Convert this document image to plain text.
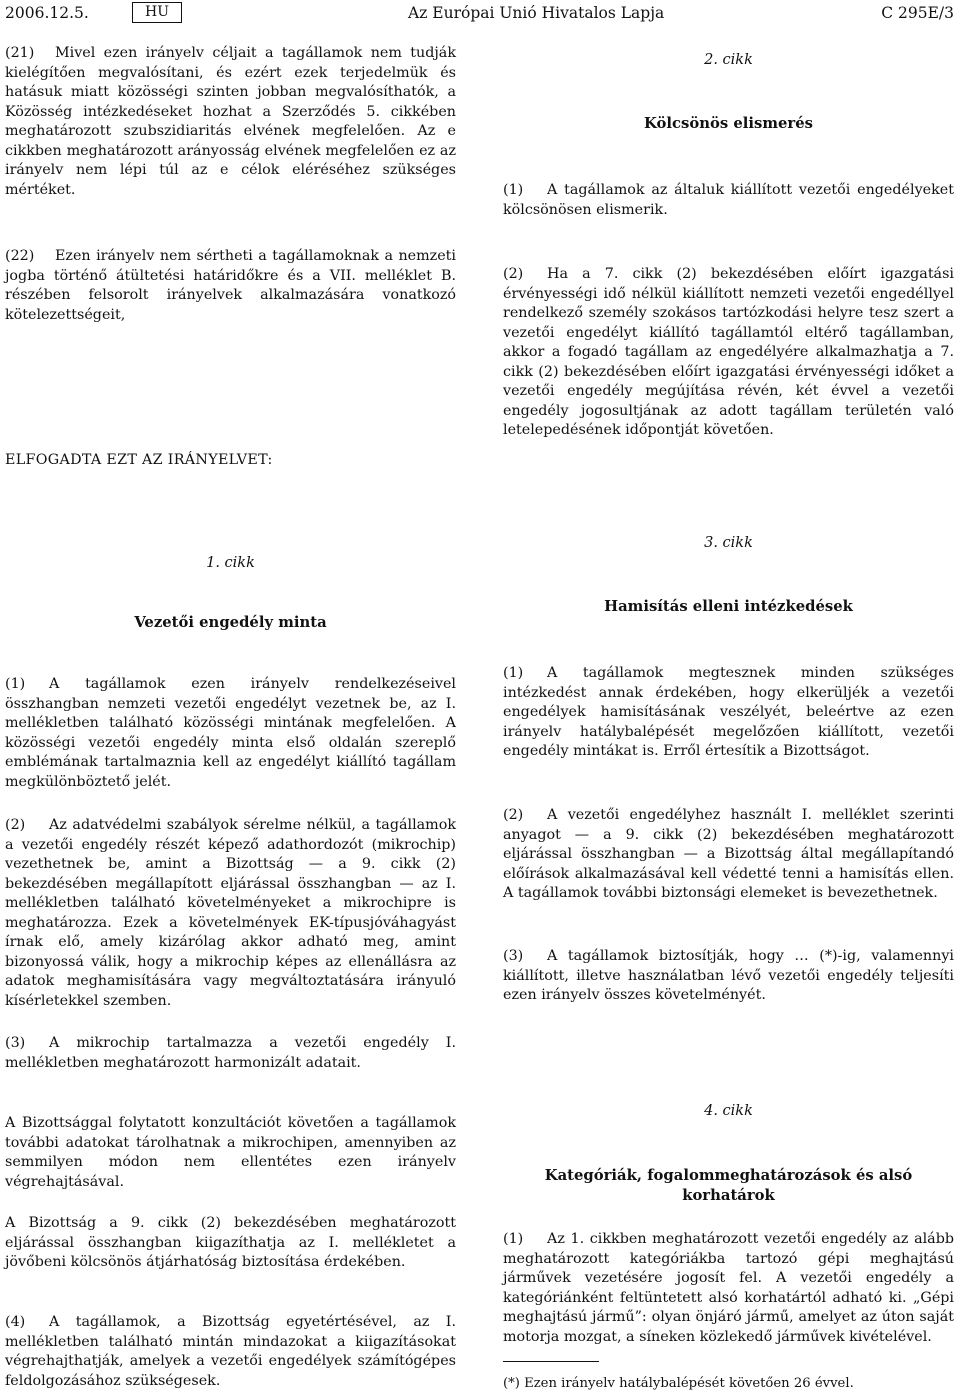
2006.12.5.	HU	Az Európai Unió Hivatalos Lapja	C 295E/3

(21) Mivel ezen irányelv céljait a tagállamok nem tudják kielégítően megvalósítani, és ezért ezek terjedelmük és hatásuk miatt közösségi szinten jobban megvalósíthatók, a Közösség intézkedéseket hozhat a Szerződés 5. cikkében meghatározott szubszidiaritás elvének megfelelően. Az e cikkben meghatározott arányosság elvének megfelelően ez az irányelv nem lépi túl az e célok eléréséhez szükséges mértéket.

(22) Ezen irányelv nem sértheti a tagállamoknak a nemzeti jogba történő átültetési határidőkre és a VII. melléklet B. részében felsorolt irányelvek alkalmazására vonatkozó kötelezettségeit,

ELFOGADTA EZT AZ IRÁNYELVET:
1. cikk
Vezetői engedély minta

(1) A tagállamok ezen irányelv rendelkezéseivel összhangban nemzeti vezetői engedélyt vezetnek be, az I. mellékletben található közösségi mintának megfelelően. A közösségi vezetői engedély minta első oldalán szereplő emblémának tartalmaznia kell az engedélyt kiállító tagállam megkülönböztető jelét.

(2) Az adatvédelmi szabályok sérelme nélkül, a tagállamok a vezetői engedély részét képező adathordozót (mikrochip) vezethetnek be, amint a Bizottság — a 9. cikk (2) bekezdésében megállapított eljárással összhangban — az I. mellékletben található követelményeket a mikrochipre is meghatározza. Ezek a követelmények EK-típusjóváhagyást írnak elő, amely kizárólag akkor adható meg, amint bizonyossá válik, hogy a mikrochip képes az ellenállásra az adatok meghamisítására vagy megváltoztatására irányuló kísérletekkel szemben.

(3) A mikrochip tartalmazza a vezetői engedély I. mellékletben meghatározott harmonizált adatait.

A Bizottsággal folytatott konzultációt követően a tagállamok további adatokat tárolhatnak a mikrochipen, amennyiben az semmilyen módon nem ellentétes ezen irányelv végrehajtásával.

A Bizottság a 9. cikk (2) bekezdésében meghatározott eljárással összhangban kiigazíthatja az I. mellékletet a jövőbeni kölcsönös átjárhatóság biztosítása érdekében.

(4) A tagállamok, a Bizottság egyetértésével, az I. mellékletben található mintán mindazokat a kiigazításokat végrehajthatják, amelyek a vezetői engedélyek számítógépes feldolgozásához szükségesek.

2. cikk
Kölcsönös elismerés

(1) A tagállamok az általuk kiállított vezetői engedélyeket kölcsönösen elismerik.

(2) Ha a 7. cikk (2) bekezdésében előírt igazgatási érvényességi idő nélkül kiállított nemzeti vezetői engedéllyel rendelkező személy szokásos tartózkodási helyre tesz szert a vezetői engedélyt kiállító tagállamtól eltérő tagállamban, akkor a fogadó tagállam az engedélyére alkalmazhatja a 7. cikk (2) bekezdésében előírt igazgatási érvényességi időket a vezetői engedély megújítása révén, két évvel a vezetői engedély jogosultjának az adott tagállam területén való letelepedésének időpontját követően.

3. cikk
Hamisítás elleni intézkedések

(1) A tagállamok megtesznek minden szükséges intézkedést annak érdekében, hogy elkerüljék a vezetői engedélyek hamisításának veszélyét, beleértve az ezen irányelv hatálybalépését megelőzően kiállított, vezetői engedély mintákat is. Erről értesítik a Bizottságot.

(2) A vezetői engedélyhez használt I. melléklet szerinti anyagot — a 9. cikk (2) bekezdésében meghatározott eljárással összhangban — a Bizottság által megállapítandó előírások alkalmazásával kell védetté tenni a hamisítás ellen. A tagállamok további biztonsági elemeket is bevezethetnek.

(3) A tagállamok biztosítják, hogy … (*)-ig, valamennyi kiállított, illetve használatban lévő vezetői engedély teljesíti ezen irányelv összes követelményét.

4. cikk
Kategóriák, fogalommeghatározások és alsó korhatárok

(1) Az 1. cikkben meghatározott vezetői engedély az alább meghatározott kategóriákba tartozó gépi meghajtású járművek vezetésére jogosít fel. A vezetői engedély a kategóriánként feltüntetett alsó korhatártól adható ki. „Gépi meghajtású jármű”: olyan önjáró jármű, amelyet az úton saját motorja mozgat, a síneken közlekedő járművek kivételével.

(*) Ezen irányelv hatálybalépését követően 26 évvel.
